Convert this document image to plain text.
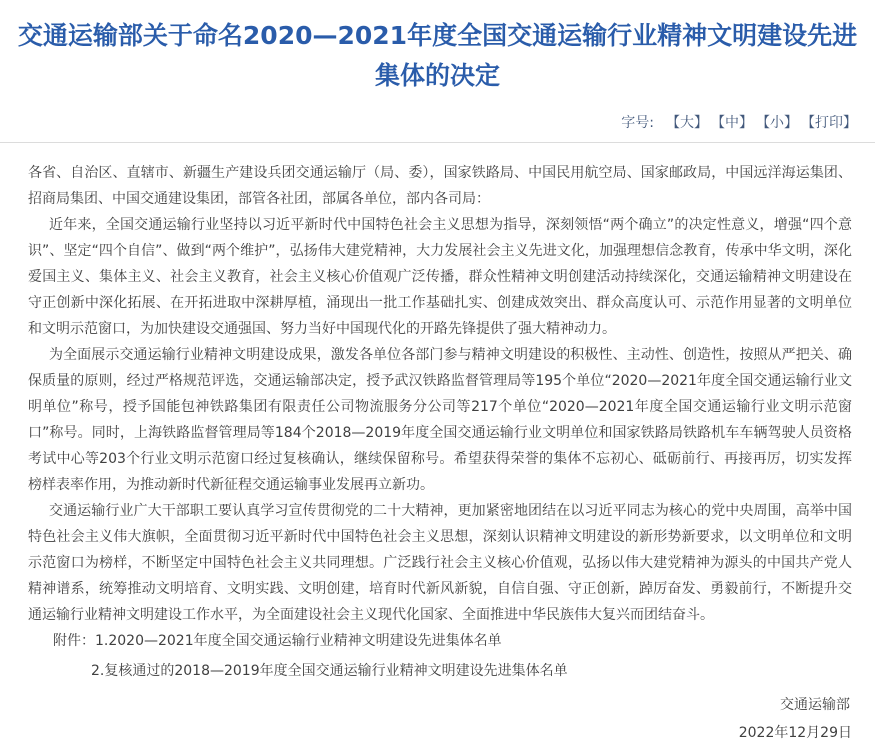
交通运输部关于命名2020—2021年度全国交通运输行业精神文明建设先进集体的决定
字号: 【大】 【中】 【小】 【打印】

各省、自治区、直辖市、新疆生产建设兵团交通运输厅（局、委），国家铁路局、中国民用航空局、国家邮政局，中国远洋海运集团、招商局集团、中国交通建设集团，部管各社团，部属各单位，部内各司局：

近年来，全国交通运输行业坚持以习近平新时代中国特色社会主义思想为指导，深刻领悟“两个确立”的决定性意义，增强“四个意识”、坚定“四个自信”、做到“两个维护”，弘扬伟大建党精神，大力发展社会主义先进文化，加强理想信念教育，传承中华文明，深化爱国主义、集体主义、社会主义教育，社会主义核心价值观广泛传播，群众性精神文明创建活动持续深化，交通运输精神文明建设在守正创新中深化拓展、在开拓进取中深耕厚植，涌现出一批工作基础扎实、创建成效突出、群众高度认可、示范作用显著的文明单位和文明示范窗口，为加快建设交通强国、努力当好中国现代化的开路先锋提供了强大精神动力。

为全面展示交通运输行业精神文明建设成果，激发各单位各部门参与精神文明建设的积极性、主动性、创造性，按照从严把关、确保质量的原则，经过严格规范评选，交通运输部决定，授予武汉铁路监督管理局等195个单位“2020—2021年度全国交通运输行业文明单位”称号，授予国能包神铁路集团有限责任公司物流服务分公司等217个单位“2020—2021年度全国交通运输行业文明示范窗口”称号。同时，上海铁路监督管理局等184个2018—2019年度全国交通运输行业文明单位和国家铁路局铁路机车车辆驾驶人员资格考试中心等203个行业文明示范窗口经过复核确认，继续保留称号。希望获得荣誉的集体不忘初心、砥砺前行、再接再厉，切实发挥榜样表率作用，为推动新时代新征程交通运输事业发展再立新功。

交通运输行业广大干部职工要认真学习宣传贯彻党的二十大精神，更加紧密地团结在以习近平同志为核心的党中央周围，高举中国特色社会主义伟大旗帜，全面贯彻习近平新时代中国特色社会主义思想，深刻认识精神文明建设的新形势新要求，以文明单位和文明示范窗口为榜样，不断坚定中国特色社会主义共同理想。广泛践行社会主义核心价值观，弘扬以伟大建党精神为源头的中国共产党人精神谱系，统筹推动文明培育、文明实践、文明创建，培育时代新风新貌，自信自强、守正创新，踔厉奋发、勇毅前行，不断提升交通运输行业精神文明建设工作水平，为全面建设社会主义现代化国家、全面推进中华民族伟大复兴而团结奋斗。

附件：1.2020—2021年度全国交通运输行业精神文明建设先进集体名单

2.复核通过的2018—2019年度全国交通运输行业精神文明建设先进集体名单

交通运输部

2022年12月29日
